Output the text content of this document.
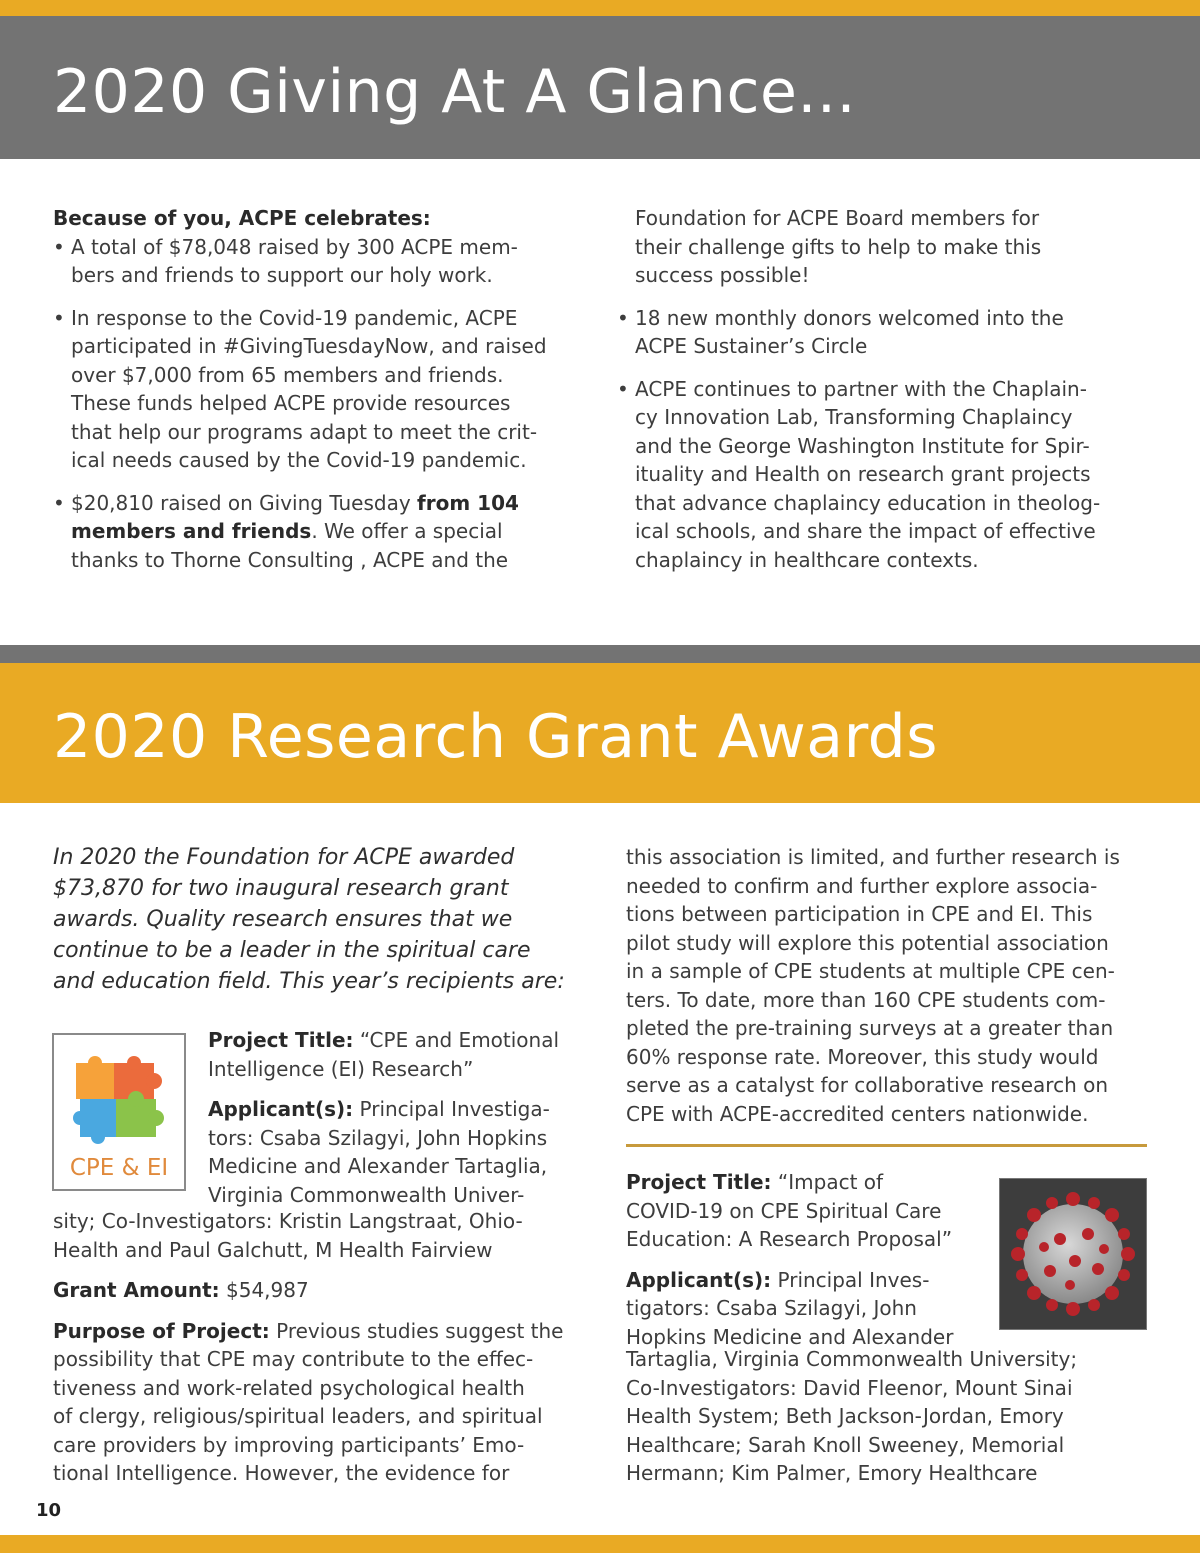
2020 Giving At A Glance...

Because of you, ACPE celebrates:

• A total of $78,048 raised by 300 ACPE mem-
bers and friends to support our holy work.
• In response to the Covid-19 pandemic, ACPE
participated in #GivingTuesdayNow, and raised
over $7,000 from 65 members and friends.
These funds helped ACPE provide resources
that help our programs adapt to meet the crit-
ical needs caused by the Covid-19 pandemic.
• $20,810 raised on Giving Tuesday from 104
members and friends. We offer a special
thanks to Thorne Consulting , ACPE and the

Foundation for ACPE Board members for
their challenge gifts to help to make this
success possible!

• 18 new monthly donors welcomed into the
ACPE Sustainer’s Circle
• ACPE continues to partner with the Chaplain-
cy Innovation Lab, Transforming Chaplaincy
and the George Washington Institute for Spir-
ituality and Health on research grant projects
that advance chaplaincy education in theolog-
ical schools, and share the impact of effective
chaplaincy in healthcare contexts.
2020 Research Grant Awards

In 2020 the Foundation for ACPE awarded
$73,870 for two inaugural research grant
awards. Quality research ensures that we
continue to be a leader in the spiritual care
and education field. This year’s recipients are:

CPE & EI

Project Title: “CPE and Emotional
Intelligence (EI) Research”

Applicant(s): Principal Investiga-
tors: Csaba Szilagyi, John Hopkins
Medicine and Alexander Tartaglia,
Virginia Commonwealth Univer-

sity; Co-Investigators: Kristin Langstraat, Ohio-
Health and Paul Galchutt, M Health Fairview

Grant Amount: $54,987

Purpose of Project: Previous studies suggest the
possibility that CPE may contribute to the effec-
tiveness and work-related psychological health
of clergy, religious/spiritual leaders, and spiritual
care providers by improving participants’ Emo-
tional Intelligence. However, the evidence for

this association is limited, and further research is
needed to confirm and further explore associa-
tions between participation in CPE and EI. This
pilot study will explore this potential association
in a sample of CPE students at multiple CPE cen-
ters. To date, more than 160 CPE students com-
pleted the pre-training surveys at a greater than
60% response rate. Moreover, this study would
serve as a catalyst for collaborative research on
CPE with ACPE-accredited centers nationwide.

Project Title: “Impact of
COVID-19 on CPE Spiritual Care
Education: A Research Proposal”

Applicant(s): Principal Inves-
tigators: Csaba Szilagyi, John
Hopkins Medicine and Alexander

Tartaglia, Virginia Commonwealth University;
Co-Investigators: David Fleenor, Mount Sinai
Health System; Beth Jackson-Jordan, Emory
Healthcare; Sarah Knoll Sweeney, Memorial
Hermann; Kim Palmer, Emory Healthcare
10
